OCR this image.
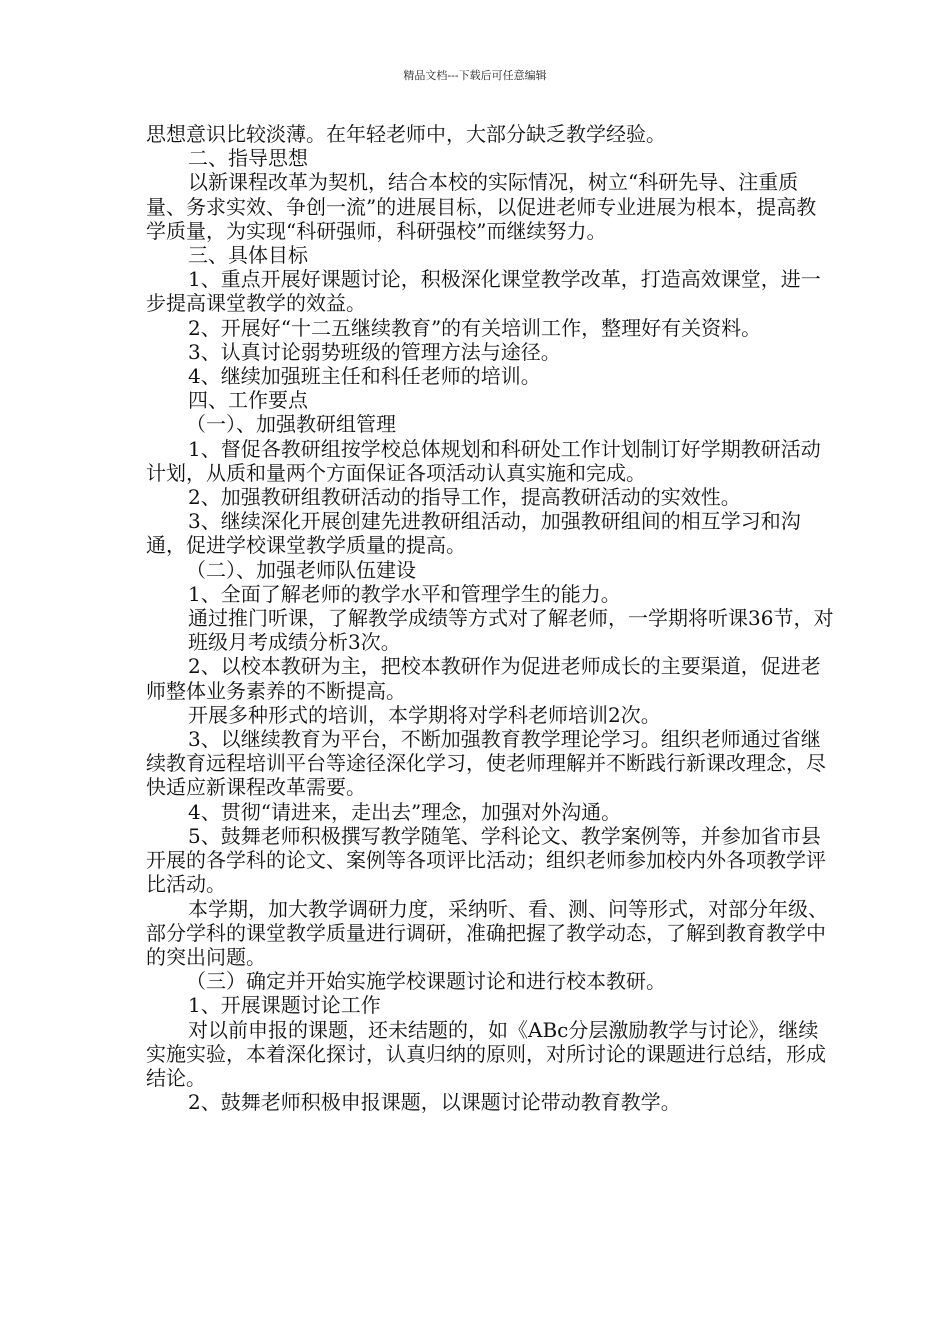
精品文档---下载后可任意编辑

思想意识比较淡薄。在年轻老师中，大部分缺乏教学经验。

二、指导思想

以新课程改革为契机，结合本校的实际情况，树立“科研先导、注重质量、务求实效、争创一流”的进展目标，以促进老师专业进展为根本，提高教学质量，为实现“科研强师，科研强校”而继续努力。

三、具体目标

1、重点开展好课题讨论，积极深化课堂教学改革，打造高效课堂，进一步提高课堂教学的效益。

2、开展好“十二五继续教育”的有关培训工作，整理好有关资料。

3、认真讨论弱势班级的管理方法与途径。

4、继续加强班主任和科任老师的培训。

四、工作要点

（一）、加强教研组管理

1、督促各教研组按学校总体规划和科研处工作计划制订好学期教研活动计划，从质和量两个方面保证各项活动认真实施和完成。

2、加强教研组教研活动的指导工作，提高教研活动的实效性。

3、继续深化开展创建先进教研组活动，加强教研组间的相互学习和沟通，促进学校课堂教学质量的提高。

（二）、加强老师队伍建设

1、全面了解老师的教学水平和管理学生的能力。

通过推门听课，了解教学成绩等方式对了解老师，一学期将听课36节，对

班级月考成绩分析3次。

2、以校本教研为主，把校本教研作为促进老师成长的主要渠道，促进老师整体业务素养的不断提高。

开展多种形式的培训，本学期将对学科老师培训2次。

3、以继续教育为平台，不断加强教育教学理论学习。组织老师通过省继续教育远程培训平台等途径深化学习，使老师理解并不断践行新课改理念，尽快适应新课程改革需要。

4、贯彻“请进来，走出去”理念，加强对外沟通。

5、鼓舞老师积极撰写教学随笔、学科论文、教学案例等，并参加省市县开展的各学科的论文、案例等各项评比活动；组织老师参加校内外各项教学评比活动。

本学期，加大教学调研力度，采纳听、看、测、问等形式，对部分年级、部分学科的课堂教学质量进行调研，准确把握了教学动态，了解到教育教学中的突出问题。

（三）确定并开始实施学校课题讨论和进行校本教研。

1、开展课题讨论工作

对以前申报的课题，还未结题的，如《ABc分层激励教学与讨论》，继续实施实验，本着深化探讨，认真归纳的原则，对所讨论的课题进行总结，形成结论。

2、鼓舞老师积极申报课题，以课题讨论带动教育教学。
